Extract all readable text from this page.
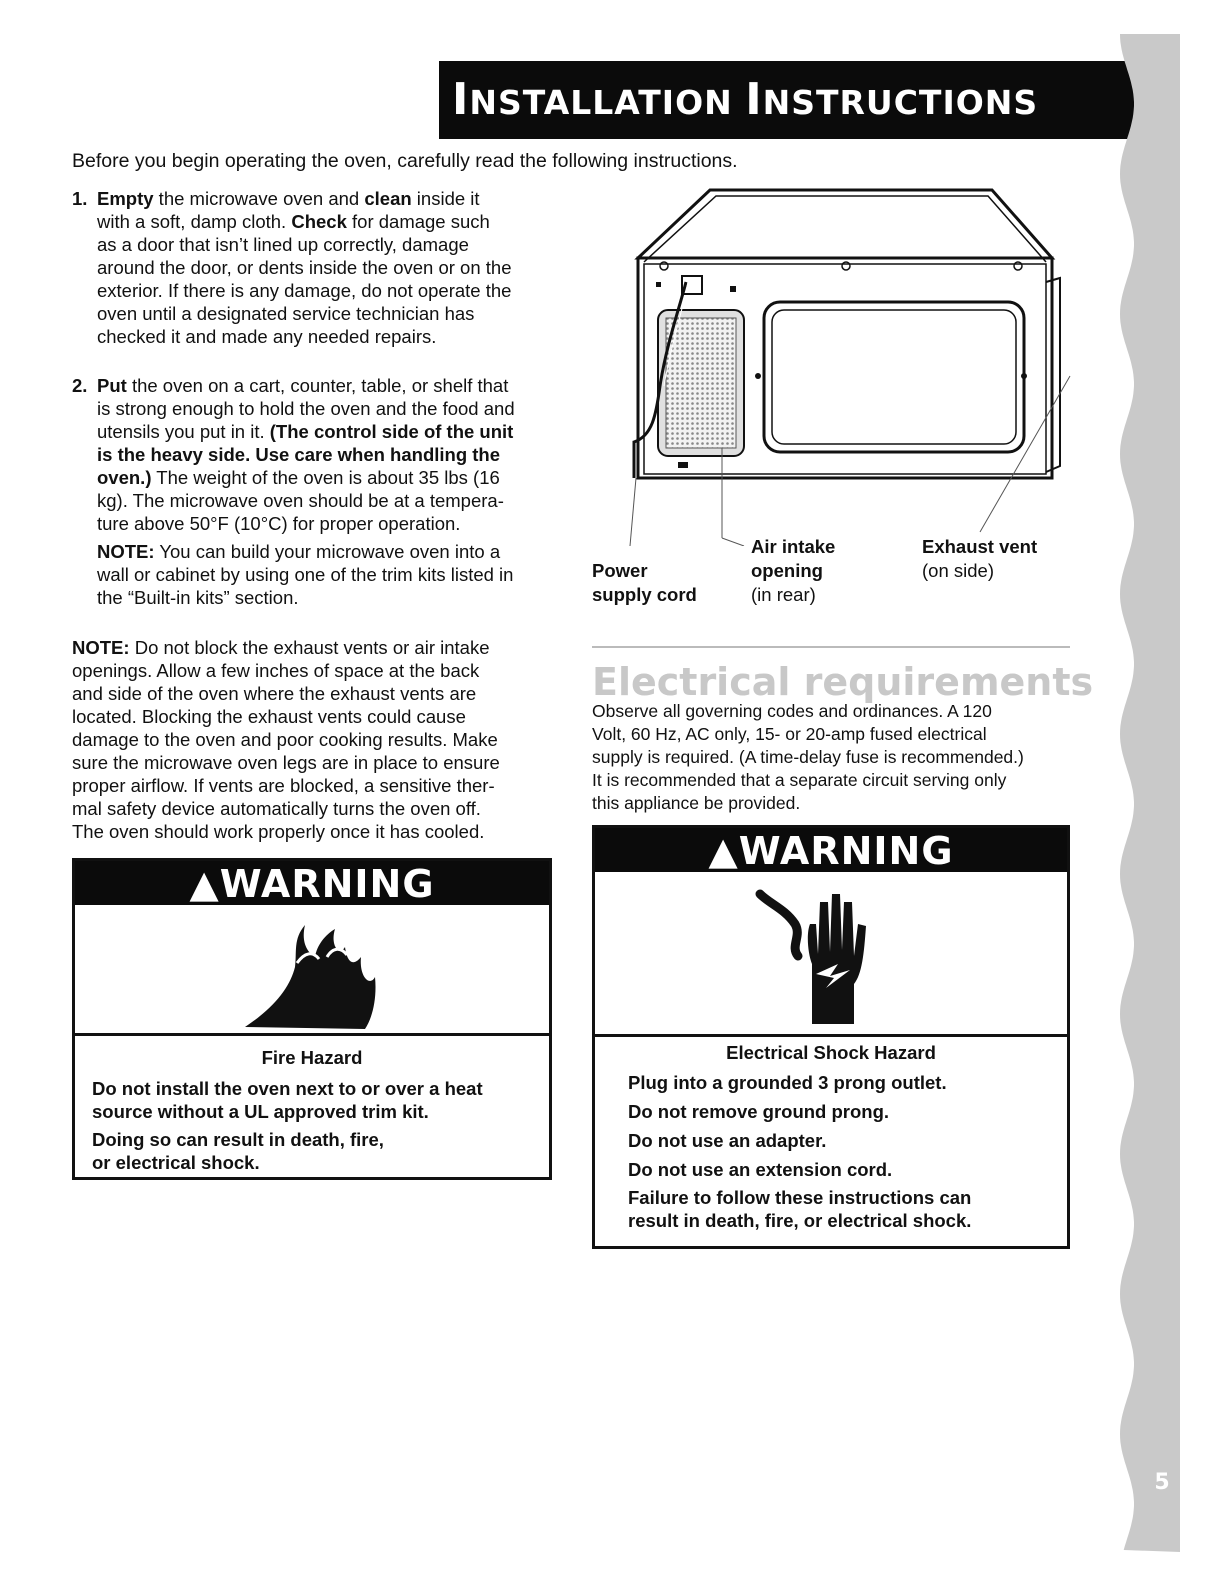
INSTALLATION INSTRUCTIONS
5
Before you begin operating the oven, carefully read the following instructions.
1. Empty the microwave oven and clean inside it
with a soft, damp cloth. Check for damage such
as a door that isn’t lined up correctly, damage
around the door, or dents inside the oven or on the
exterior. If there is any damage, do not operate the
oven until a designated service technician has
checked it and made any needed repairs.
2. Put the oven on a cart, counter, table, or shelf that
is strong enough to hold the oven and the food and
utensils you put in it. (The control side of the unit
is the heavy side. Use care when handling the
oven.) The weight of the oven is about 35 lbs (16
kg). The microwave oven should be at a tempera-
ture above 50°F (10°C) for proper operation.
NOTE: You can build your microwave oven into a
wall or cabinet by using one of the trim kits listed in
the “Built-in kits” section.
NOTE: Do not block the exhaust vents or air intake
openings. Allow a few inches of space at the back
and side of the oven where the exhaust vents are
located. Blocking the exhaust vents could cause
damage to the oven and poor cooking results. Make
sure the microwave oven legs are in place to ensure
proper airflow. If vents are blocked, a sensitive ther-
mal safety device automatically turns the oven off.
The oven should work properly once it has cooled.
▲WARNING
Fire Hazard
Do not install the oven next to or over a heat
source without a UL approved trim kit.
Doing so can result in death, fire,
or electrical shock.
Power
supply cord
Air intake
opening
(in rear)
Exhaust vent
(on side)
Electrical requirements
Observe all governing codes and ordinances. A 120
Volt, 60 Hz, AC only, 15- or 20-amp fused electrical
supply is required. (A time-delay fuse is recommended.)
It is recommended that a separate circuit serving only
this appliance be provided.
▲WARNING
Electrical Shock Hazard
Plug into a grounded 3 prong outlet.
Do not remove ground prong.
Do not use an adapter.
Do not use an extension cord.
Failure to follow these instructions can
result in death, fire, or electrical shock.
